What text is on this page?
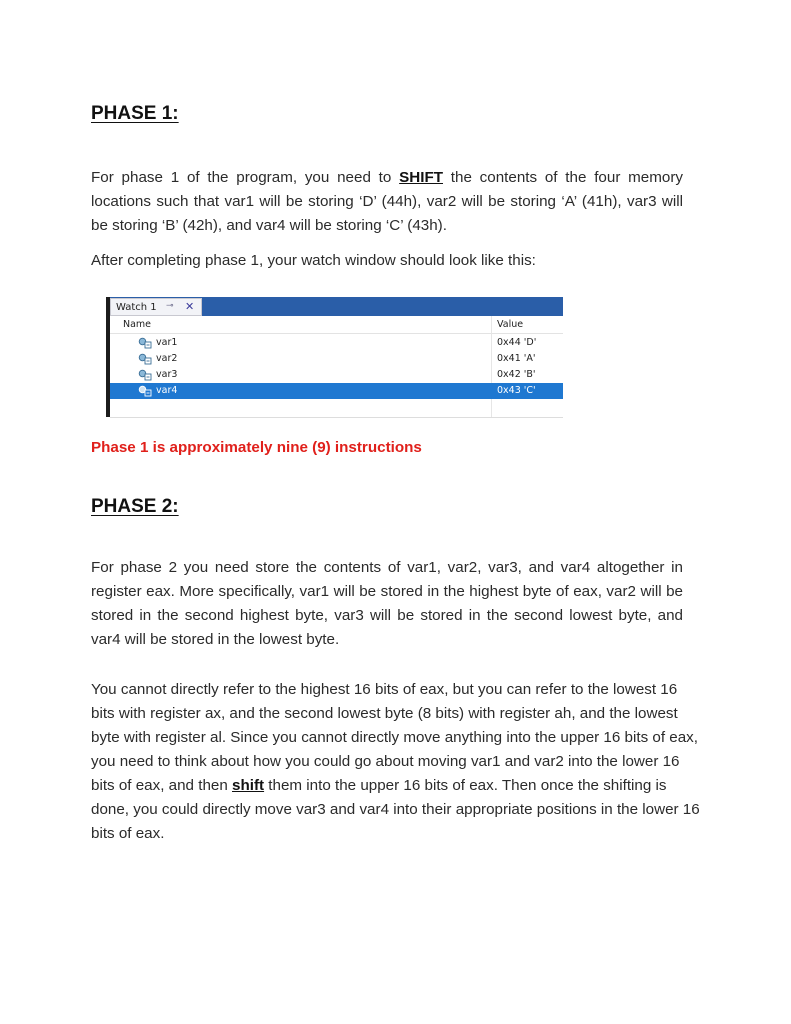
PHASE 1:

For phase 1 of the program, you need to SHIFT the contents of the four memory locations such that var1 will be storing ‘D’ (44h), var2 will be storing ‘A’ (41h), var3 will be storing ‘B’ (42h), and var4 will be storing ‘C’ (43h).

After completing phase 1, your watch window should look like this:

Watch 1 ⊸ ✕
Name	Value
var1	0x44 'D'
var2	0x41 'A'
var3	0x42 'B'
var4	0x43 'C'

Phase 1 is approximately nine (9) instructions

PHASE 2:

For phase 2 you need store the contents of var1, var2, var3, and var4 altogether in register eax. More specifically, var1 will be stored in the highest byte of eax, var2 will be stored in the second highest byte, var3 will be stored in the second lowest byte, and var4 will be stored in the lowest byte.

You cannot directly refer to the highest 16 bits of eax, but you can refer to the lowest 16 bits with register ax, and the second lowest byte (8 bits) with register ah, and the lowest byte with register al. Since you cannot directly move anything into the upper 16 bits of eax, you need to think about how you could go about moving var1 and var2 into the lower 16 bits of eax, and then shift them into the upper 16 bits of eax. Then once the shifting is done, you could directly move var3 and var4 into their appropriate positions in the lower 16 bits of eax.
